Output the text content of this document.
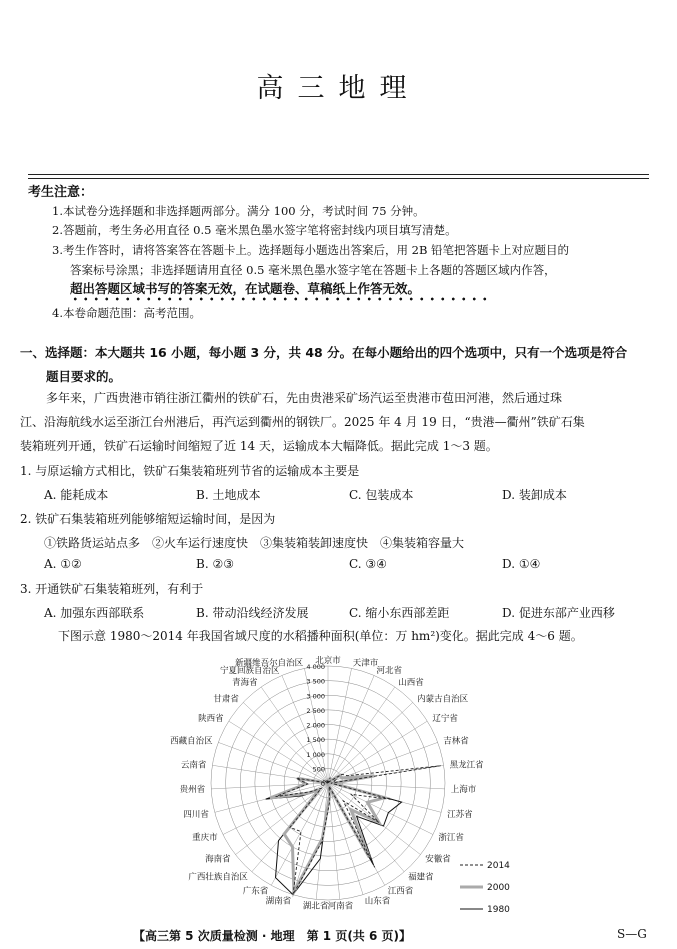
高三地理
考生注意：
1.本试卷分选择题和非选择题两部分。满分 100 分，考试时间 75 分钟。
2.答题前，考生务必用直径 0.5 毫米黑色墨水签字笔将密封线内项目填写清楚。
3.考生作答时，请将答案答在答题卡上。选择题每小题选出答案后，用 2B 铅笔把答题卡上对应题目的
答案标号涂黑；非选择题请用直径 0.5 毫米黑色墨水签字笔在答题卡上各题的答题区域内作答，
超出答题区域书写的答案无效，在试题卷、草稿纸上作答无效。
4.本卷命题范围：高考范围。
一、选择题：本大题共 16 小题，每小题 3 分，共 48 分。在每小题给出的四个选项中，只有一个选项是符合
题目要求的。
多年来，广西贵港市销往浙江衢州的铁矿石，先由贵港采矿场汽运至贵港市苞田河港，然后通过珠
江、沿海航线水运至浙江台州港后，再汽运到衢州的钢铁厂。2025 年 4 月 19 日，“贵港—衢州”铁矿石集
装箱班列开通，铁矿石运输时间缩短了近 14 天，运输成本大幅降低。据此完成 1～3 题。
1. 与原运输方式相比，铁矿石集装箱班列节省的运输成本主要是
A. 能耗成本	B. 土地成本	C. 包装成本	D. 装卸成本
2. 铁矿石集装箱班列能够缩短运输时间，是因为
①铁路货运站点多　②火车运行速度快　③集装箱装卸速度快　④集装箱容量大
A. ①②	B. ②③	C. ③④	D. ①④
3. 开通铁矿石集装箱班列，有利于
A. 加强东西部联系	B. 带动沿线经济发展	C. 缩小东西部差距	D. 促进东部产业西移
下图示意 1980～2014 年我国省域尺度的水稻播种面积(单位：万 hm²)变化。据此完成 4～6 题。
北京市 天津市
河北省
山西省
内蒙古自治区
辽宁省
吉林省
黑龙江省
上海市
江苏省
浙江省
安徽省
福建省
江西省
山东省
河南省
湖北省
湖南省
广东省
广西壮族自治区
海南省
重庆市
四川省
贵州省
云南省
西藏自治区
陕西省
甘肃省
青海省
宁夏回族自治区
新疆维吾尔自治区
0
500
1 000
1 500
2 000
2 500
3 000
3 500
4 000
2014
2000
1980
【高三第 5 次质量检测 · 地理　第 1 页(共 6 页)】	S—G
